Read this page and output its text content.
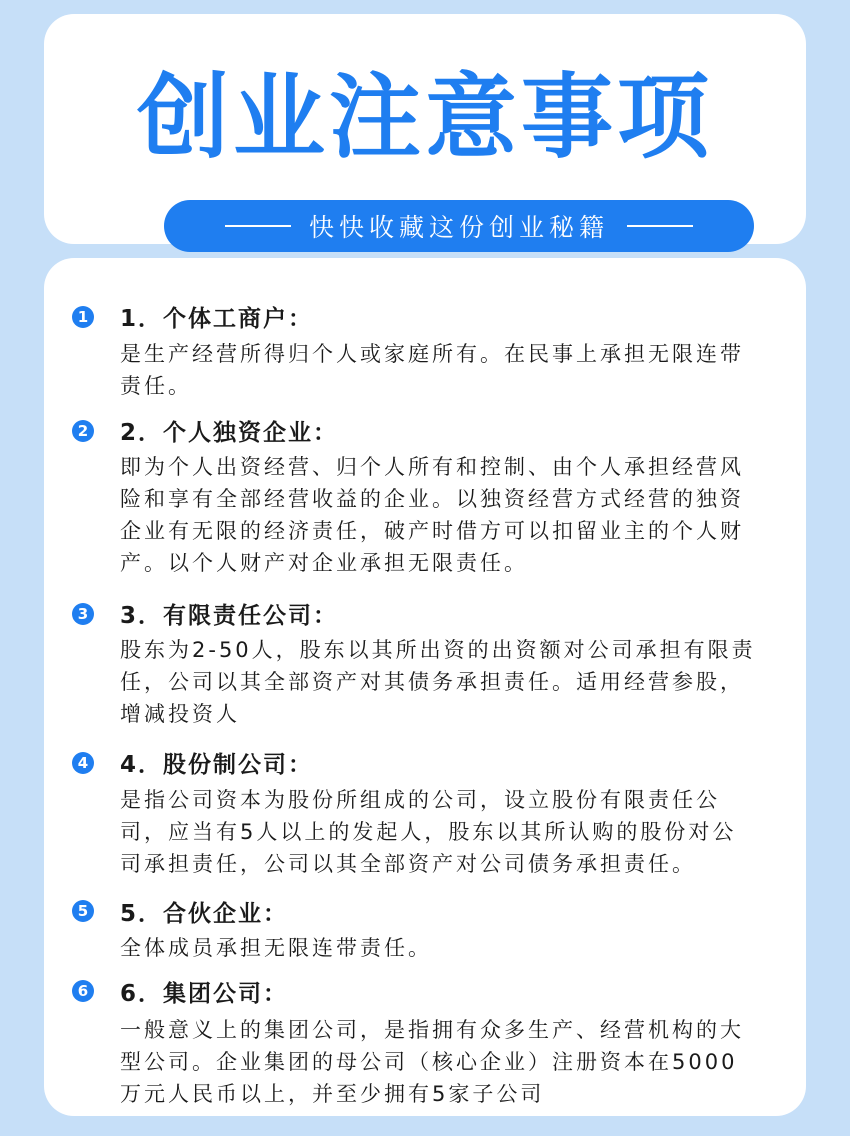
创业注意事项
快快收藏这份创业秘籍
1 1．个体工商户：
是生产经营所得归个人或家庭所有。在民事上承担无限连带责任。
2 2．个人独资企业：
即为个人出资经营、归个人所有和控制、由个人承担经营风险和享有全部经营收益的企业。以独资经营方式经营的独资企业有无限的经济责任，破产时借方可以扣留业主的个人财产。以个人财产对企业承担无限责任。
3 3．有限责任公司：
股东为2-50人，股东以其所出资的出资额对公司承担有限责任，公司以其全部资产对其债务承担责任。适用经营参股，增减投资人
4 4．股份制公司：
是指公司资本为股份所组成的公司，设立股份有限责任公司，应当有5人以上的发起人，股东以其所认购的股份对公司承担责任，公司以其全部资产对公司债务承担责任。
5 5．合伙企业：
全体成员承担无限连带责任。
6 6．集团公司：
一般意义上的集团公司，是指拥有众多生产、经营机构的大型公司。企业集团的母公司（核心企业）注册资本在5000万元人民币以上，并至少拥有5家子公司
